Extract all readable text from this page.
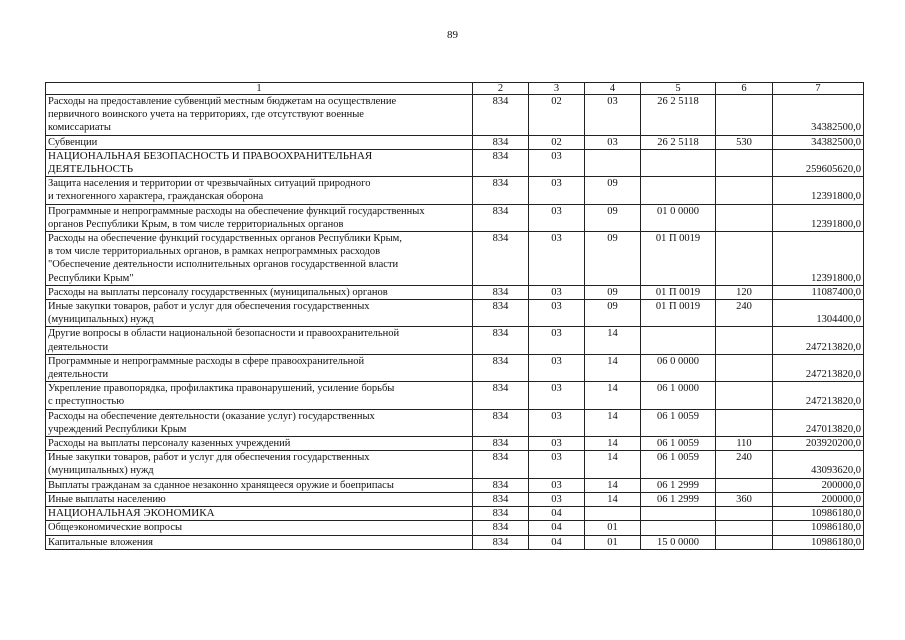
89
1	2	3	4	5	6	7

Расходы на предоставление субвенций местным бюджетам на осуществление
первичного воинского учета на территориях, где отсутствуют военные
комиссариаты	834	02	03	26 2 5118		34382500,0

Субвенции	834	02	03	26 2 5118	530	34382500,0

НАЦИОНАЛЬНАЯ БЕЗОПАСНОСТЬ И ПРАВООХРАНИТЕЛЬНАЯ
ДЕЯТЕЛЬНОСТЬ	834	03				259605620,0

Защита населения и территории от чрезвычайных ситуаций природного
и техногенного характера, гражданская оборона	834	03	09			12391800,0

Программные и непрограммные расходы на обеспечение функций государственных
органов Республики Крым, в том числе территориальных органов	834	03	09	01 0 0000		12391800,0

Расходы на обеспечение функций государственных органов Республики Крым,
в том числе территориальных органов, в рамках непрограммных расходов
"Обеспечение деятельности исполнительных органов государственной власти
Республики Крым"	834	03	09	01 П 0019		12391800,0

Расходы на выплаты персоналу государственных (муниципальных) органов	834	03	09	01 П 0019	120	11087400,0

Иные закупки товаров, работ и услуг для обеспечения государственных
(муниципальных) нужд	834	03	09	01 П 0019	240	1304400,0

Другие вопросы в области национальной безопасности и правоохранительной
деятельности	834	03	14			247213820,0

Программные и непрограммные расходы в сфере правоохранительной
деятельности	834	03	14	06 0 0000		247213820,0

Укрепление правопорядка, профилактика правонарушений, усиление борьбы
с преступностью	834	03	14	06 1 0000		247213820,0

Расходы на обеспечение деятельности (оказание услуг) государственных
учреждений Республики Крым	834	03	14	06 1 0059		247013820,0

Расходы на выплаты персоналу казенных учреждений	834	03	14	06 1 0059	110	203920200,0

Иные закупки товаров, работ и услуг для обеспечения государственных
(муниципальных) нужд	834	03	14	06 1 0059	240	43093620,0

Выплаты гражданам за сданное незаконно хранящееся оружие и боеприпасы	834	03	14	06 1 2999		200000,0

Иные выплаты населению	834	03	14	06 1 2999	360	200000,0

НАЦИОНАЛЬНАЯ ЭКОНОМИКА	834	04				10986180,0

Общеэкономические вопросы	834	04	01			10986180,0

Капитальные вложения	834	04	01	15 0 0000		10986180,0
